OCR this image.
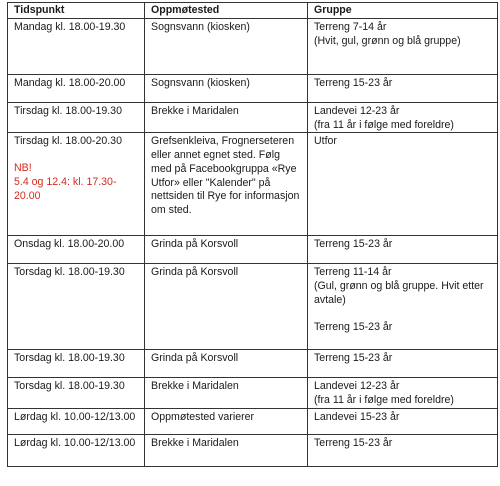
Tidspunkt	Oppmøtested	Gruppe

Mandag kl. 18.00-19.30	Sognsvann (kiosken)	Terreng 7-14 år
(Hvit, gul, grønn og blå gruppe)

Mandag kl. 18.00-20.00	Sognsvann (kiosken)	Terreng 15-23 år

Tirsdag kl. 18.00-19.30	Brekke i Maridalen	Landevei 12-23 år
(fra 11 år i følge med foreldre)

Tirsdag kl. 18.00-20.30
NB!
5.4 og 12.4: kl. 17.30-
20.00	Grefsenkleiva, Frognerseteren eller annet egnet sted. Følg med på Facebookgruppa «Rye Utfor» eller "Kalender" på nettsiden til Rye for informasjon om sted.	Utfor

Onsdag kl. 18.00-20.00	Grinda på Korsvoll	Terreng 15-23 år

Torsdag kl. 18.00-19.30	Grinda på Korsvoll	Terreng 11-14 år
(Gul, grønn og blå gruppe. Hvit etter avtale)
Terreng 15-23 år

Torsdag kl. 18.00-19.30	Grinda på Korsvoll	Terreng 15-23 år

Torsdag kl. 18.00-19.30	Brekke i Maridalen	Landevei 12-23 år
(fra 11 år i følge med foreldre)

Lørdag kl. 10.00-12/13.00	Oppmøtested varierer	Landevei 15-23 år

Lørdag kl. 10.00-12/13.00	Brekke i Maridalen	Terreng 15-23 år
